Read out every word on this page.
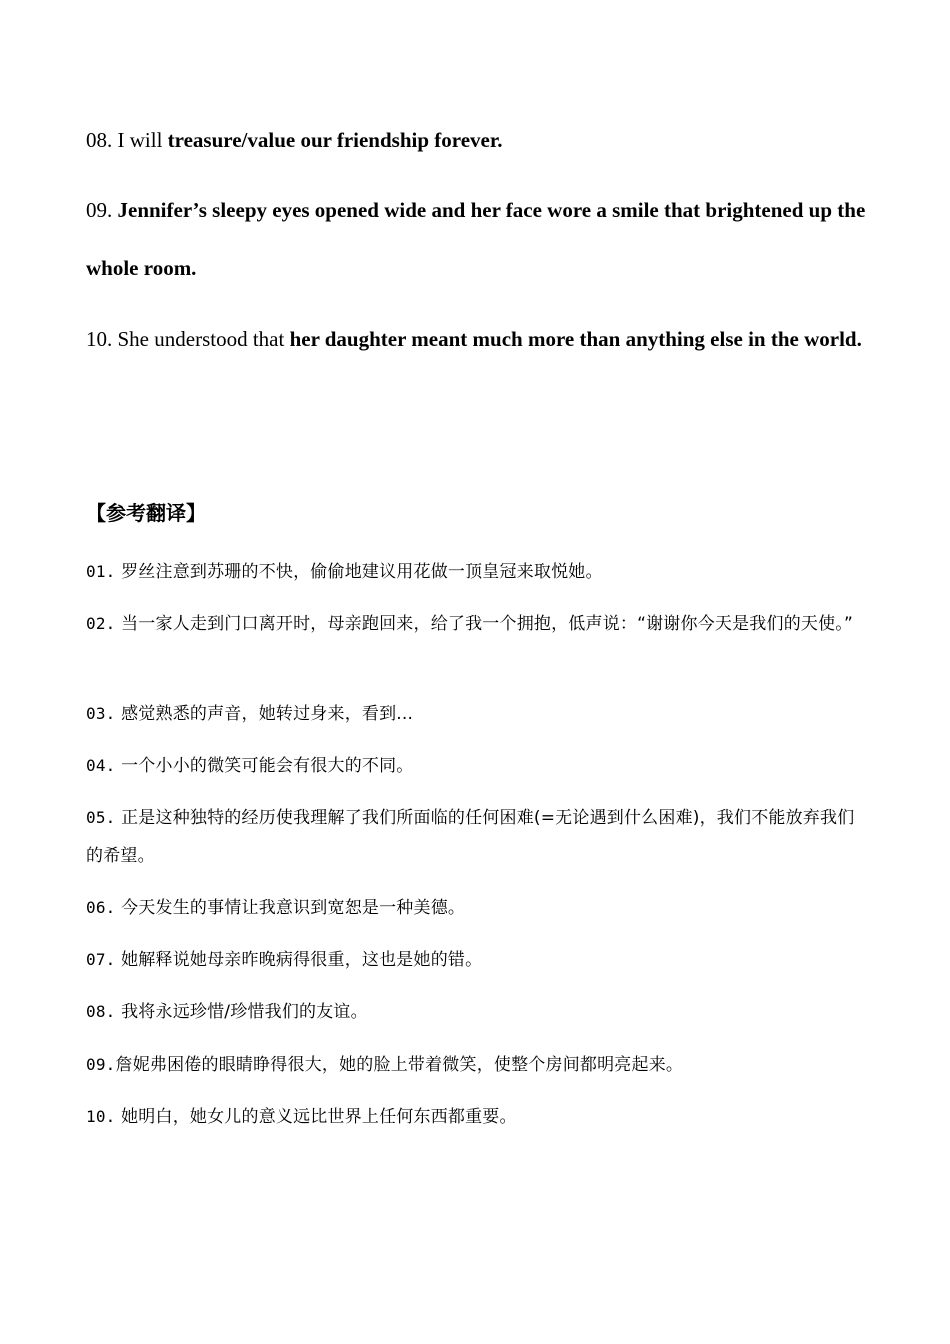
08. I will treasure/value our friendship forever.

09. Jennifer’s sleepy eyes opened wide and her face wore a smile that brightened up the whole room.

10. She understood that her daughter meant much more than anything else in the world.

【参考翻译】

01. 罗丝注意到苏珊的不快，偷偷地建议用花做一顶皇冠来取悦她。

02. 当一家人走到门口离开时，母亲跑回来，给了我一个拥抱，低声说：“谢谢你今天是我们的天使。”

03. 感觉熟悉的声音，她转过身来，看到...

04. 一个小小的微笑可能会有很大的不同。

05. 正是这种独特的经历使我理解了我们所面临的任何困难(=无论遇到什么困难)，我们不能放弃我们的希望。

06. 今天发生的事情让我意识到宽恕是一种美德。

07. 她解释说她母亲昨晚病得很重，这也是她的错。

08. 我将永远珍惜/珍惜我们的友谊。

09.詹妮弗困倦的眼睛睁得很大，她的脸上带着微笑，使整个房间都明亮起来。

10. 她明白，她女儿的意义远比世界上任何东西都重要。
